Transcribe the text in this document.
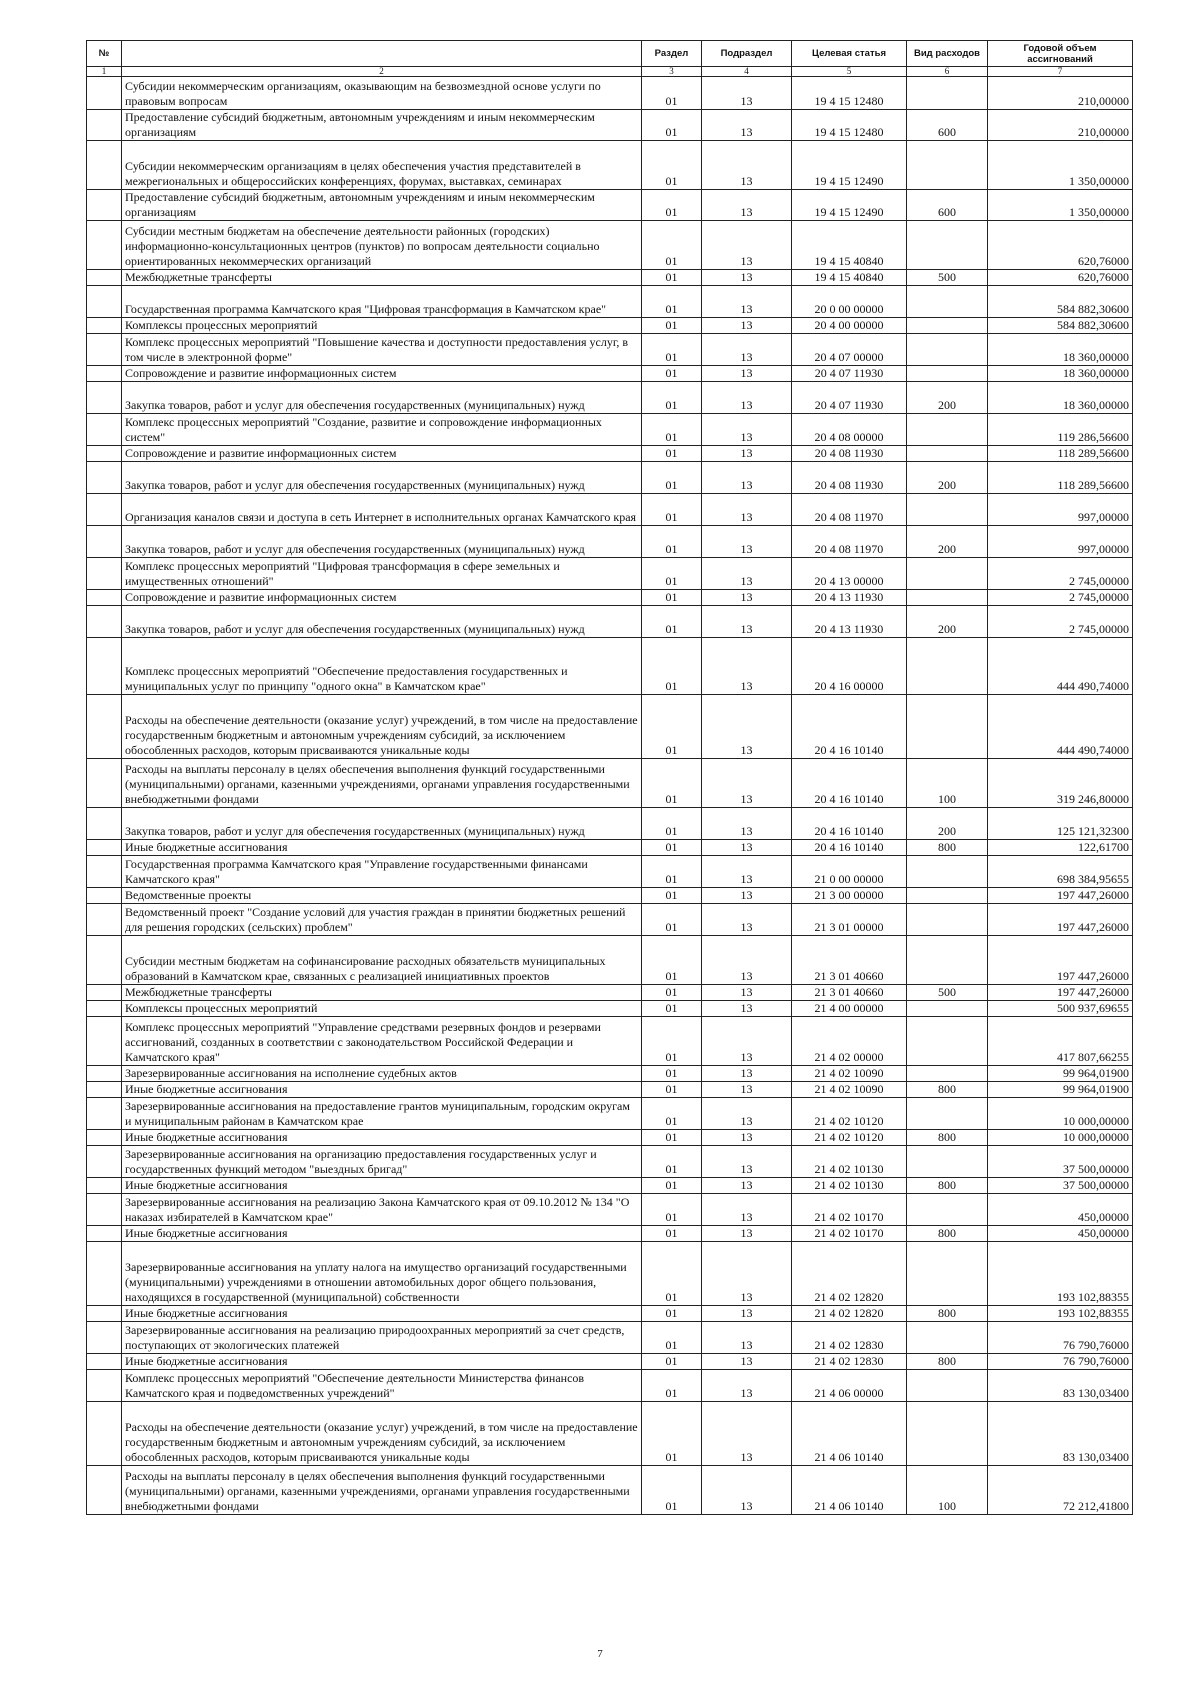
№		Раздел	Подраздел	Целевая статья	Вид расходов	Годовой объем ассигнований
1	2	3	4	5	6	7
	Субсидии некоммерческим организациям, оказывающим на безвозмездной основе услуги по правовым вопросам	01	13	19 4 15 12480		210,00000
	Предоставление субсидий бюджетным, автономным учреждениям и иным некоммерческим организациям	01	13	19 4 15 12480	600	210,00000
	Субсидии некоммерческим организациям в целях обеспечения участия представителей в межрегиональных и общероссийских конференциях, форумах, выставках, семинарах	01	13	19 4 15 12490		1 350,00000
	Предоставление субсидий бюджетным, автономным учреждениям и иным некоммерческим организациям	01	13	19 4 15 12490	600	1 350,00000
	Субсидии местным бюджетам на обеспечение деятельности районных (городских) информационно-консультационных центров (пунктов) по вопросам деятельности социально ориентированных некоммерческих организаций	01	13	19 4 15 40840		620,76000
	Межбюджетные трансферты	01	13	19 4 15 40840	500	620,76000
	Государственная программа Камчатского края "Цифровая трансформация в Камчатском крае"	01	13	20 0 00 00000		584 882,30600
	Комплексы процессных мероприятий	01	13	20 4 00 00000		584 882,30600
	Комплекс процессных мероприятий "Повышение качества и доступности предоставления услуг, в том числе в электронной форме"	01	13	20 4 07 00000		18 360,00000
	Сопровождение и развитие информационных систем	01	13	20 4 07 11930		18 360,00000
	Закупка товаров, работ и услуг для обеспечения государственных (муниципальных) нужд	01	13	20 4 07 11930	200	18 360,00000
	Комплекс процессных мероприятий "Создание, развитие и сопровождение информационных систем"	01	13	20 4 08 00000		119 286,56600
	Сопровождение и развитие информационных систем	01	13	20 4 08 11930		118 289,56600
	Закупка товаров, работ и услуг для обеспечения государственных (муниципальных) нужд	01	13	20 4 08 11930	200	118 289,56600
	Организация каналов связи и доступа в сеть Интернет в исполнительных органах Камчатского края	01	13	20 4 08 11970		997,00000
	Закупка товаров, работ и услуг для обеспечения государственных (муниципальных) нужд	01	13	20 4 08 11970	200	997,00000
	Комплекс процессных мероприятий "Цифровая трансформация в сфере земельных и имущественных отношений"	01	13	20 4 13 00000		2 745,00000
	Сопровождение и развитие информационных систем	01	13	20 4 13 11930		2 745,00000
	Закупка товаров, работ и услуг для обеспечения государственных (муниципальных) нужд	01	13	20 4 13 11930	200	2 745,00000
	Комплекс процессных мероприятий "Обеспечение предоставления государственных и муниципальных услуг по принципу "одного окна" в Камчатском крае"	01	13	20 4 16 00000		444 490,74000
	Расходы на обеспечение деятельности (оказание услуг) учреждений, в том числе на предоставление государственным бюджетным и автономным учреждениям субсидий, за исключением обособленных расходов, которым присваиваются уникальные коды	01	13	20 4 16 10140		444 490,74000
	Расходы на выплаты персоналу в целях обеспечения выполнения функций государственными (муниципальными) органами, казенными учреждениями, органами управления государственными внебюджетными фондами	01	13	20 4 16 10140	100	319 246,80000
	Закупка товаров, работ и услуг для обеспечения государственных (муниципальных) нужд	01	13	20 4 16 10140	200	125 121,32300
	Иные бюджетные ассигнования	01	13	20 4 16 10140	800	122,61700
	Государственная программа Камчатского края "Управление государственными финансами Камчатского края"	01	13	21 0 00 00000		698 384,95655
	Ведомственные проекты	01	13	21 3 00 00000		197 447,26000
	Ведомственный проект "Создание условий для участия граждан в принятии бюджетных решений для решения городских (сельских) проблем"	01	13	21 3 01 00000		197 447,26000
	Субсидии местным бюджетам на софинансирование расходных обязательств муниципальных образований в Камчатском крае, связанных с реализацией инициативных проектов	01	13	21 3 01 40660		197 447,26000
	Межбюджетные трансферты	01	13	21 3 01 40660	500	197 447,26000
	Комплексы процессных мероприятий	01	13	21 4 00 00000		500 937,69655
	Комплекс процессных мероприятий "Управление средствами резервных фондов и резервами ассигнований, созданных в соответствии с законодательством Российской Федерации и Камчатского края"	01	13	21 4 02 00000		417 807,66255
	Зарезервированные ассигнования на исполнение судебных актов	01	13	21 4 02 10090		99 964,01900
	Иные бюджетные ассигнования	01	13	21 4 02 10090	800	99 964,01900
	Зарезервированные ассигнования на предоставление грантов муниципальным, городским округам и муниципальным районам в Камчатском крае	01	13	21 4 02 10120		10 000,00000
	Иные бюджетные ассигнования	01	13	21 4 02 10120	800	10 000,00000
	Зарезервированные ассигнования на организацию предоставления государственных услуг и государственных функций методом "выездных бригад"	01	13	21 4 02 10130		37 500,00000
	Иные бюджетные ассигнования	01	13	21 4 02 10130	800	37 500,00000
	Зарезервированные ассигнования на реализацию Закона Камчатского края от 09.10.2012 № 134 "О наказах избирателей в Камчатском крае"	01	13	21 4 02 10170		450,00000
	Иные бюджетные ассигнования	01	13	21 4 02 10170	800	450,00000
	Зарезервированные ассигнования на уплату налога на имущество организаций государственными (муниципальными) учреждениями в отношении автомобильных дорог общего пользования, находящихся в государственной (муниципальной) собственности	01	13	21 4 02 12820		193 102,88355
	Иные бюджетные ассигнования	01	13	21 4 02 12820	800	193 102,88355
	Зарезервированные ассигнования на реализацию природоохранных мероприятий за счет средств, поступающих от экологических платежей	01	13	21 4 02 12830		76 790,76000
	Иные бюджетные ассигнования	01	13	21 4 02 12830	800	76 790,76000
	Комплекс процессных мероприятий "Обеспечение деятельности Министерства финансов Камчатского края и подведомственных учреждений"	01	13	21 4 06 00000		83 130,03400
	Расходы на обеспечение деятельности (оказание услуг) учреждений, в том числе на предоставление государственным бюджетным и автономным учреждениям субсидий, за исключением обособленных расходов, которым присваиваются уникальные коды	01	13	21 4 06 10140		83 130,03400
	Расходы на выплаты персоналу в целях обеспечения выполнения функций государственными (муниципальными) органами, казенными учреждениями, органами управления государственными внебюджетными фондами	01	13	21 4 06 10140	100	72 212,41800
7
